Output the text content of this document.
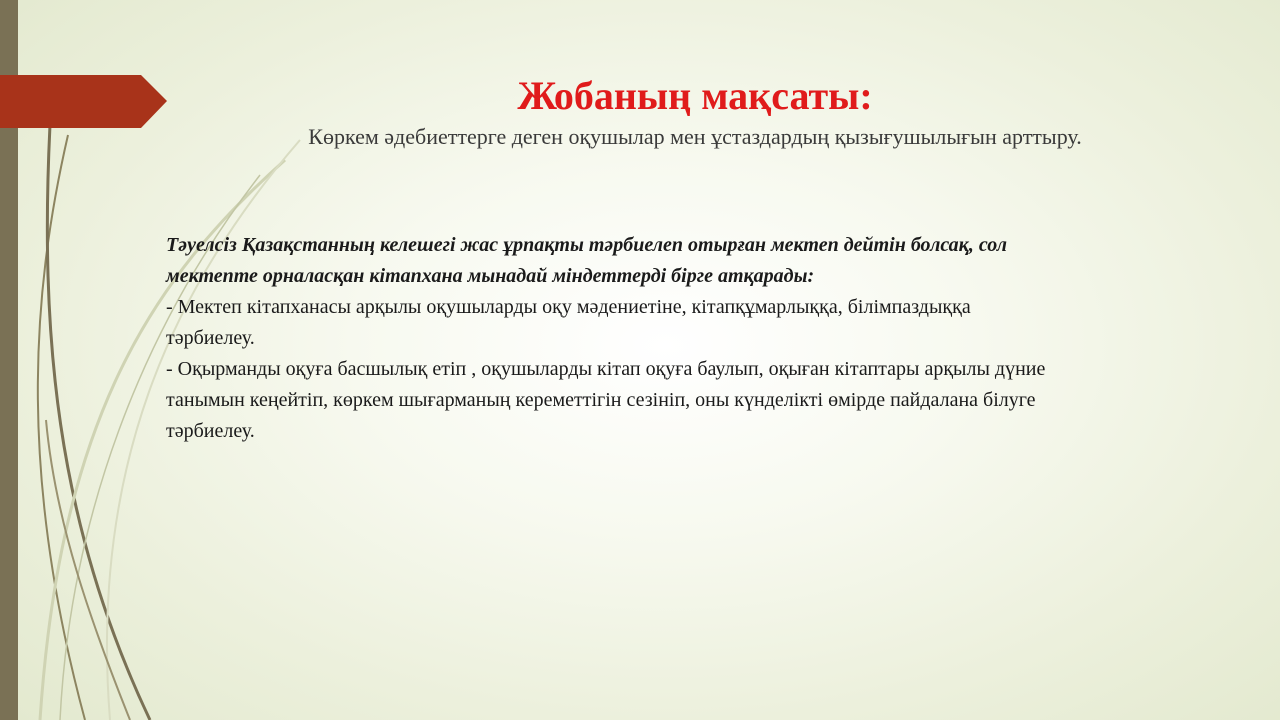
Жобаның мақсаты:

Көркем әдебиеттерге деген оқушылар мен ұстаздардың қызығушылығын арттыру.

Тәуелсіз Қазақстанның келешегі жас ұрпақты тәрбиелеп отырған мектеп дейтін болсақ, сол мектепте орналасқан кітапхана мынадай міндеттерді бірге атқарады:
- Мектеп кітапханасы арқылы оқушыларды оқу мәдениетіне, кітапқұмарлыққа, білімпаздыққа тәрбиелеу.
- Оқырманды оқуға басшылық етіп , оқушыларды кітап оқуға баулып, оқыған кітаптары арқылы дүние танымын кеңейтіп, көркем шығарманың кереметтігін сезініп, оны күнделікті өмірде пайдалана білуге тәрбиелеу.
